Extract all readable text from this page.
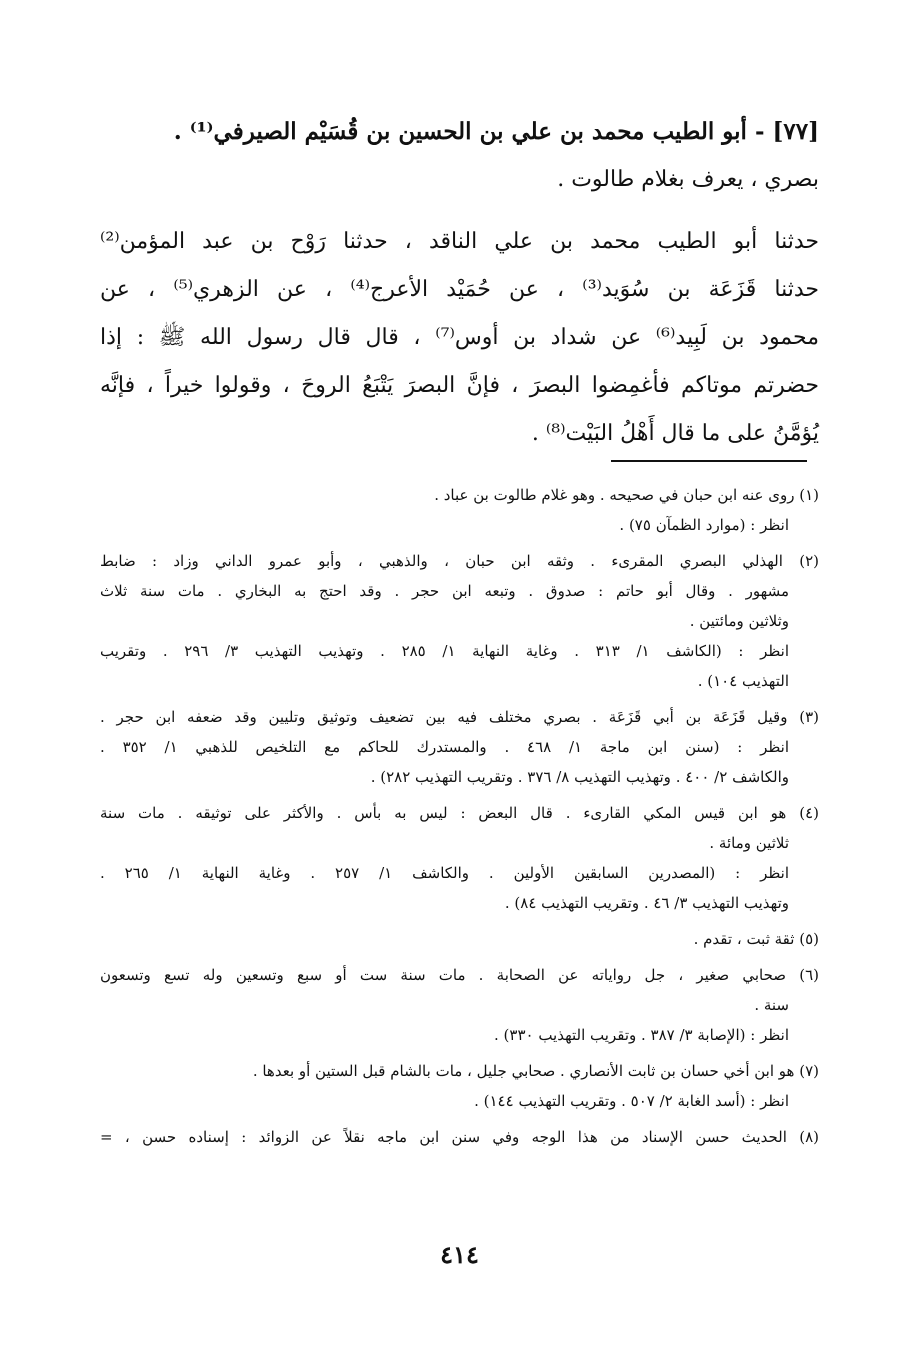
[٧٧] - أبو الطيب محمد بن علي بن الحسين بن قُسَيْم الصيرفي⁽¹⁾ .

بصري ، يعرف بغلام طالوت .

حدثنا أبو الطيب محمد بن علي الناقد ، حدثنا رَوْح بن عبد المؤمن⁽²⁾

حدثنا قَزَعَة بن سُوَيد⁽³⁾ ، عن حُمَيْد الأعرج⁽⁴⁾ ، عن الزهري⁽⁵⁾ ، عن

محمود بن لَبِيد⁽⁶⁾ عن شداد بن أوس⁽⁷⁾ ، قال قال رسول الله ﷺ : إذا

حضرتم موتاكم فأغمِضوا البصرَ ، فإنَّ البصرَ يَتْبَعُ الروحَ ، وقولوا خيراً ، فإنَّه

يُؤمَّنُ على ما قال أَهْلُ البَيْت⁽⁸⁾ .

(١) روى عنه ابن حبان في صحيحه . وهو غلام طالوت بن عباد .

انظر : (موارد الظمآن ٧٥) .

(٢) الهذلي البصري المقرىء . وثقه ابن حبان ، والذهبي ، وأبو عمرو الداني وزاد : ضابط

مشهور . وقال أبو حاتم : صدوق . وتبعه ابن حجر . وقد احتج به البخاري . مات سنة ثلاث

وثلاثين ومائتين .

انظر : (الكاشف ١/ ٣١٣ . وغاية النهاية ١/ ٢٨٥ . وتهذيب التهذيب ٣/ ٢٩٦ . وتقريب

التهذيب ١٠٤) .

(٣) وقيل قَزَعَة بن أبي قَزَعَة . بصري مختلف فيه بين تضعيف وتوثيق وتليين وقد ضعفه ابن حجر .

انظر : (سنن ابن ماجة ١/ ٤٦٨ . والمستدرك للحاكم مع التلخيص للذهبي ١/ ٣٥٢ .

والكاشف ٢/ ٤٠٠ . وتهذيب التهذيب ٨/ ٣٧٦ . وتقريب التهذيب ٢٨٢) .

(٤) هو ابن قيس المكي القارىء . قال البعض : ليس به بأس . والأكثر على توثيقه . مات سنة

ثلاثين ومائة .

انظر : (المصدرين السابقين الأولين . والكاشف ١/ ٢٥٧ . وغاية النهاية ١/ ٢٦٥ .

وتهذيب التهذيب ٣/ ٤٦ . وتقريب التهذيب ٨٤) .

(٥) ثقة ثبت ، تقدم .

(٦) صحابي صغير ، جل رواياته عن الصحابة . مات سنة ست أو سبع وتسعين وله تسع وتسعون

سنة .

انظر : (الإصابة ٣/ ٣٨٧ . وتقريب التهذيب ٣٣٠) .

(٧) هو ابن أخي حسان بن ثابت الأنصاري . صحابي جليل ، مات بالشام قبل الستين أو بعدها .

انظر : (أسد الغابة ٢/ ٥٠٧ . وتقريب التهذيب ١٤٤) .

(٨) الحديث حسن الإسناد من هذا الوجه وفي سنن ابن ماجه نقلاً عن الزوائد : إسناده حسن ، =

٤١٤
